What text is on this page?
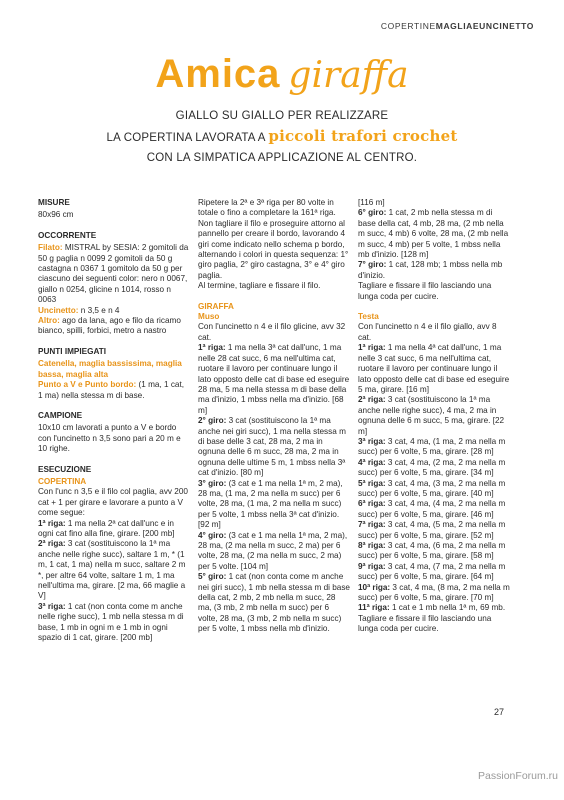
COPERTINEMAGLIAEUNCINETTO
Amica giraffa
GIALLO SU GIALLO PER REALIZZARE
LA COPERTINA LAVORATA A piccoli trafori crochet
CON LA SIMPATICA APPLICAZIONE AL CENTRO.

MISURE

80x96 cm

OCCORRENTE

Filato: MISTRAL by SESIA: 2 gomitoli da 50 g paglia n 0099 2 gomitoli da 50 g castagna n 0367 1 gomitolo da 50 g per ciascuno dei seguenti color: nero n 0067, giallo n 0254, glicine n 1014, rosso n 0063

Uncinetto: n 3,5 e n 4

Altro: ago da lana, ago e filo da ricamo bianco, spilli, forbici, metro a nastro

PUNTI IMPIEGATI

Catenella, maglia bassissima, maglia bassa, maglia alta

Punto a V e Punto bordo: (1 ma, 1 cat, 1 ma) nella stessa m di base.

CAMPIONE

10x10 cm lavorati a punto a V e bordo con l'uncinetto n 3,5 sono pari a 20 m e 10 righe.

ESECUZIONE

COPERTINA

Con l'unc n 3,5 e il filo col paglia, avv 200 cat + 1 per girare e lavorare a punto a V come segue:

1ª riga: 1 ma nella 2ª cat dall'unc e in ogni cat fino alla fine, girare. [200 mb]

2ª riga: 3 cat (sostituiscono la 1ª ma anche nelle righe succ), saltare 1 m, * (1 m, 1 cat, 1 ma) nella m succ, saltare 2 m *, per altre 64 volte, saltare 1 m, 1 ma nell'ultima ma, girare. [2 ma, 66 maglie a V]

3ª riga: 1 cat (non conta come m anche nelle righe succ), 1 mb nella stessa m di base, 1 mb in ogni m e 1 mb in ogni spazio di 1 cat, girare. [200 mb]

Ripetere la 2ª e 3ª riga per 80 volte in totale o fino a completare la 161ª riga. Non tagliare il filo e proseguire attorno al pannello per creare il bordo, lavorando 4 giri come indicato nello schema p bordo, alternando i colori in questa sequenza: 1° giro paglia, 2° giro castagna, 3° e 4° giro paglia.

Al termine, tagliare e fissare il filo.

GIRAFFA

Muso

Con l'uncinetto n 4 e il filo glicine, avv 32 cat.

1ª riga: 1 ma nella 3ª cat dall'unc, 1 ma nelle 28 cat succ, 6 ma nell'ultima cat, ruotare il lavoro per continuare lungo il lato opposto delle cat di base ed eseguire 28 ma, 5 ma nella stessa m di base della ma d'inizio, 1 mbss nella ma d'inizio. [68 m]

2° giro: 3 cat (sostituiscono la 1ª ma anche nei giri succ), 1 ma nella stessa m di base delle 3 cat, 28 ma, 2 ma in ognuna delle 6 m succ, 28 ma, 2 ma in ognuna delle ultime 5 m, 1 mbss nella 3ª cat d'inizio. [80 m]

3° giro: (3 cat e 1 ma nella 1ª m, 2 ma), 28 ma, (1 ma, 2 ma nella m succ) per 6 volte, 28 ma, (1 ma, 2 ma nella m succ) per 5 volte, 1 mbss nella 3ª cat d'inizio. [92 m]

4° giro: (3 cat e 1 ma nella 1ª ma, 2 ma), 28 ma, (2 ma nella m succ, 2 ma) per 6 volte, 28 ma, (2 ma nella m succ, 2 ma) per 5 volte. [104 m]

5° giro: 1 cat (non conta come m anche nei giri succ), 1 mb nella stessa m di base della cat, 2 mb, 2 mb nella m succ, 28 ma, (3 mb, 2 mb nella m succ) per 6 volte, 28 ma, (3 mb, 2 mb nella m succ) per 5 volte, 1 mbss nella mb d'inizio.

[116 m]

6° giro: 1 cat, 2 mb nella stessa m di base della cat, 4 mb, 28 ma, (2 mb nella m succ, 4 mb) 6 volte, 28 ma, (2 mb nella m succ, 4 mb) per 5 volte, 1 mbss nella mb d'inizio. [128 m]

7° giro: 1 cat, 128 mb; 1 mbss nella mb d'inizio.

Tagliare e fissare il filo lasciando una lunga coda per cucire.

Testa

Con l'uncinetto n 4 e il filo giallo, avv 8 cat.

1ª riga: 1 ma nella 4ª cat dall'unc, 1 ma nelle 3 cat succ, 6 ma nell'ultima cat, ruotare il lavoro per continuare lungo il lato opposto delle cat di base ed eseguire 5 ma, girare. [16 m]

2ª riga: 3 cat (sostituiscono la 1ª ma anche nelle righe succ), 4 ma, 2 ma in ognuna delle 6 m succ, 5 ma, girare. [22 m]

3ª riga: 3 cat, 4 ma, (1 ma, 2 ma nella m succ) per 6 volte, 5 ma, girare. [28 m]

4ª riga: 3 cat, 4 ma, (2 ma, 2 ma nella m succ) per 6 volte, 5 ma, girare. [34 m]

5ª riga: 3 cat, 4 ma, (3 ma, 2 ma nella m succ) per 6 volte, 5 ma, girare. [40 m]

6ª riga: 3 cat, 4 ma, (4 ma, 2 ma nella m succ) per 6 volte, 5 ma, girare. [46 m]

7ª riga: 3 cat, 4 ma, (5 ma, 2 ma nella m succ) per 6 volte, 5 ma, girare. [52 m]

8ª riga: 3 cat, 4 ma, (6 ma, 2 ma nella m succ) per 6 volte, 5 ma, girare. [58 m]

9ª riga: 3 cat, 4 ma, (7 ma, 2 ma nella m succ) per 6 volte, 5 ma, girare. [64 m]

10ª riga: 3 cat, 4 ma, (8 ma, 2 ma nella m succ) per 6 volte, 5 ma, girare. [70 m]

11ª riga: 1 cat e 1 mb nella 1ª m, 69 mb.

Tagliare e fissare il filo lasciando una lunga coda per cucire.

27
PassionForum.ru
